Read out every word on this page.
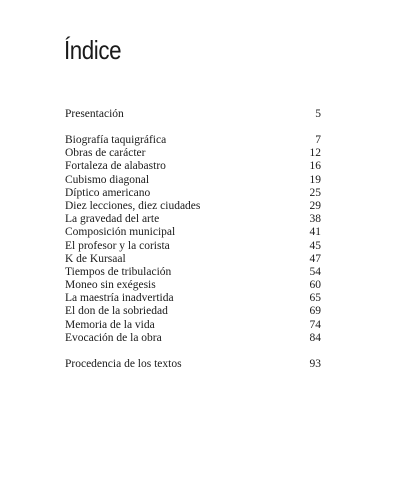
Índice
Presentación	5
Biografía taquigráfica	7
Obras de carácter	12
Fortaleza de alabastro	16
Cubismo diagonal	19
Díptico americano	25
Diez lecciones, diez ciudades	29
La gravedad del arte	38
Composición municipal	41
El profesor y la corista	45
K de Kursaal	47
Tiempos de tribulación	54
Moneo sin exégesis	60
La maestría inadvertida	65
El don de la sobriedad	69
Memoria de la vida	74
Evocación de la obra	84
Procedencia de los textos	93
